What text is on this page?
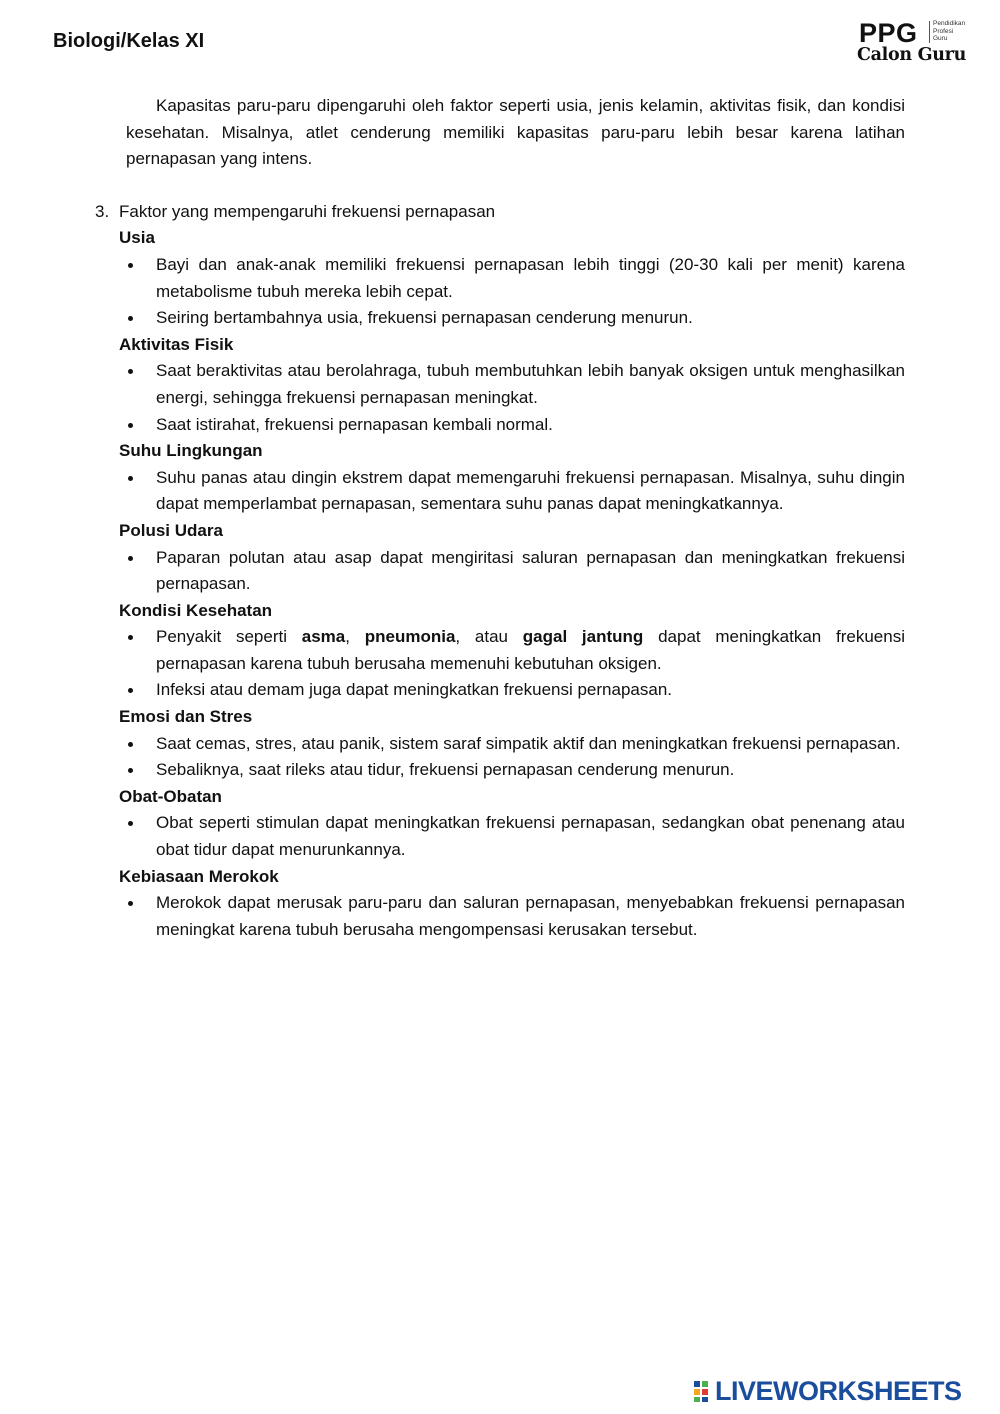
Biologi/Kelas XI	PPG Pendidikan
Profesi
Guru
Calon Guru

Kapasitas paru-paru dipengaruhi oleh faktor seperti usia, jenis kelamin, aktivitas fisik, dan kondisi kesehatan. Misalnya, atlet cenderung memiliki kapasitas paru-paru lebih besar karena latihan pernapasan yang intens.

3. Faktor yang mempengaruhi frekuensi pernapasan
Usia
Bayi dan anak-anak memiliki frekuensi pernapasan lebih tinggi (20-30 kali per menit) karena metabolisme tubuh mereka lebih cepat.
Seiring bertambahnya usia, frekuensi pernapasan cenderung menurun.
Aktivitas Fisik
Saat beraktivitas atau berolahraga, tubuh membutuhkan lebih banyak oksigen untuk menghasilkan energi, sehingga frekuensi pernapasan meningkat.
Saat istirahat, frekuensi pernapasan kembali normal.
Suhu Lingkungan
Suhu panas atau dingin ekstrem dapat memengaruhi frekuensi pernapasan. Misalnya, suhu dingin dapat memperlambat pernapasan, sementara suhu panas dapat meningkatkannya.
Polusi Udara
Paparan polutan atau asap dapat mengiritasi saluran pernapasan dan meningkatkan frekuensi pernapasan.
Kondisi Kesehatan
Penyakit seperti asma, pneumonia, atau gagal jantung dapat meningkatkan frekuensi pernapasan karena tubuh berusaha memenuhi kebutuhan oksigen.
Infeksi atau demam juga dapat meningkatkan frekuensi pernapasan.
Emosi dan Stres
Saat cemas, stres, atau panik, sistem saraf simpatik aktif dan meningkatkan frekuensi pernapasan.
Sebaliknya, saat rileks atau tidur, frekuensi pernapasan cenderung menurun.
Obat-Obatan
Obat seperti stimulan dapat meningkatkan frekuensi pernapasan, sedangkan obat penenang atau obat tidur dapat menurunkannya.
Kebiasaan Merokok
Merokok dapat merusak paru-paru dan saluran pernapasan, menyebabkan frekuensi pernapasan meningkat karena tubuh berusaha mengompensasi kerusakan tersebut.
LIVEWORKSHEETS
